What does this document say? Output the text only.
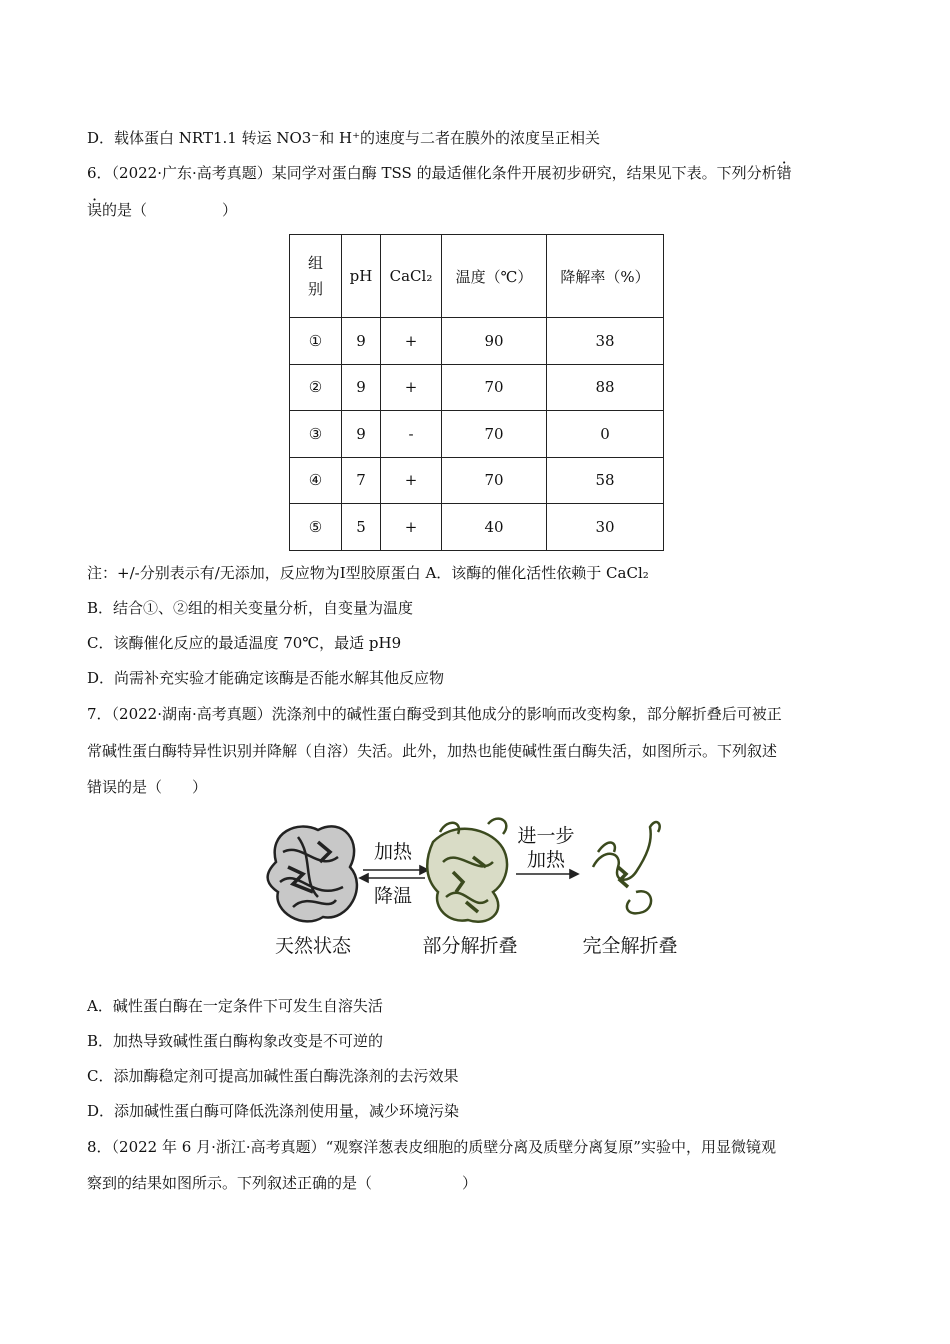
D．载体蛋白 NRT1.1 转运 NO3⁻和 H⁺的速度与二者在膜外的浓度呈正相关
6．（2022·广东·高考真题）某同学对蛋白酶 TSS 的最适催化条件开展初步研究，结果见下表。下列分析错
误的是（　　　　　）
组
别	pH	CaCl₂	温度（℃）	降解率（%）
①	9	+	90	38
②	9	+	70	88
③	9	-	70	0
④	7	+	70	58
⑤	5	+	40	30
注：+/-分别表示有/无添加，反应物为Ⅰ型胶原蛋白 A．该酶的催化活性依赖于 CaCl₂
B．结合①、②组的相关变量分析，自变量为温度
C．该酶催化反应的最适温度 70℃，最适 pH9
D．尚需补充实验才能确定该酶是否能水解其他反应物
7．（2022·湖南·高考真题）洗涤剂中的碱性蛋白酶受到其他成分的影响而改变构象，部分解折叠后可被正
常碱性蛋白酶特异性识别并降解（自溶）失活。此外，加热也能使碱性蛋白酶失活，如图所示。下列叙述
错误的是（　　）
加热
降温
进一步
加热
天然状态	部分解折叠	完全解折叠
A．碱性蛋白酶在一定条件下可发生自溶失活
B．加热导致碱性蛋白酶构象改变是不可逆的
C．添加酶稳定剂可提高加碱性蛋白酶洗涤剂的去污效果
D．添加碱性蛋白酶可降低洗涤剂使用量，减少环境污染
8．（2022 年 6 月·浙江·高考真题）“观察洋葱表皮细胞的质壁分离及质壁分离复原”实验中，用显微镜观
察到的结果如图所示。下列叙述正确的是（　　　　　　）
